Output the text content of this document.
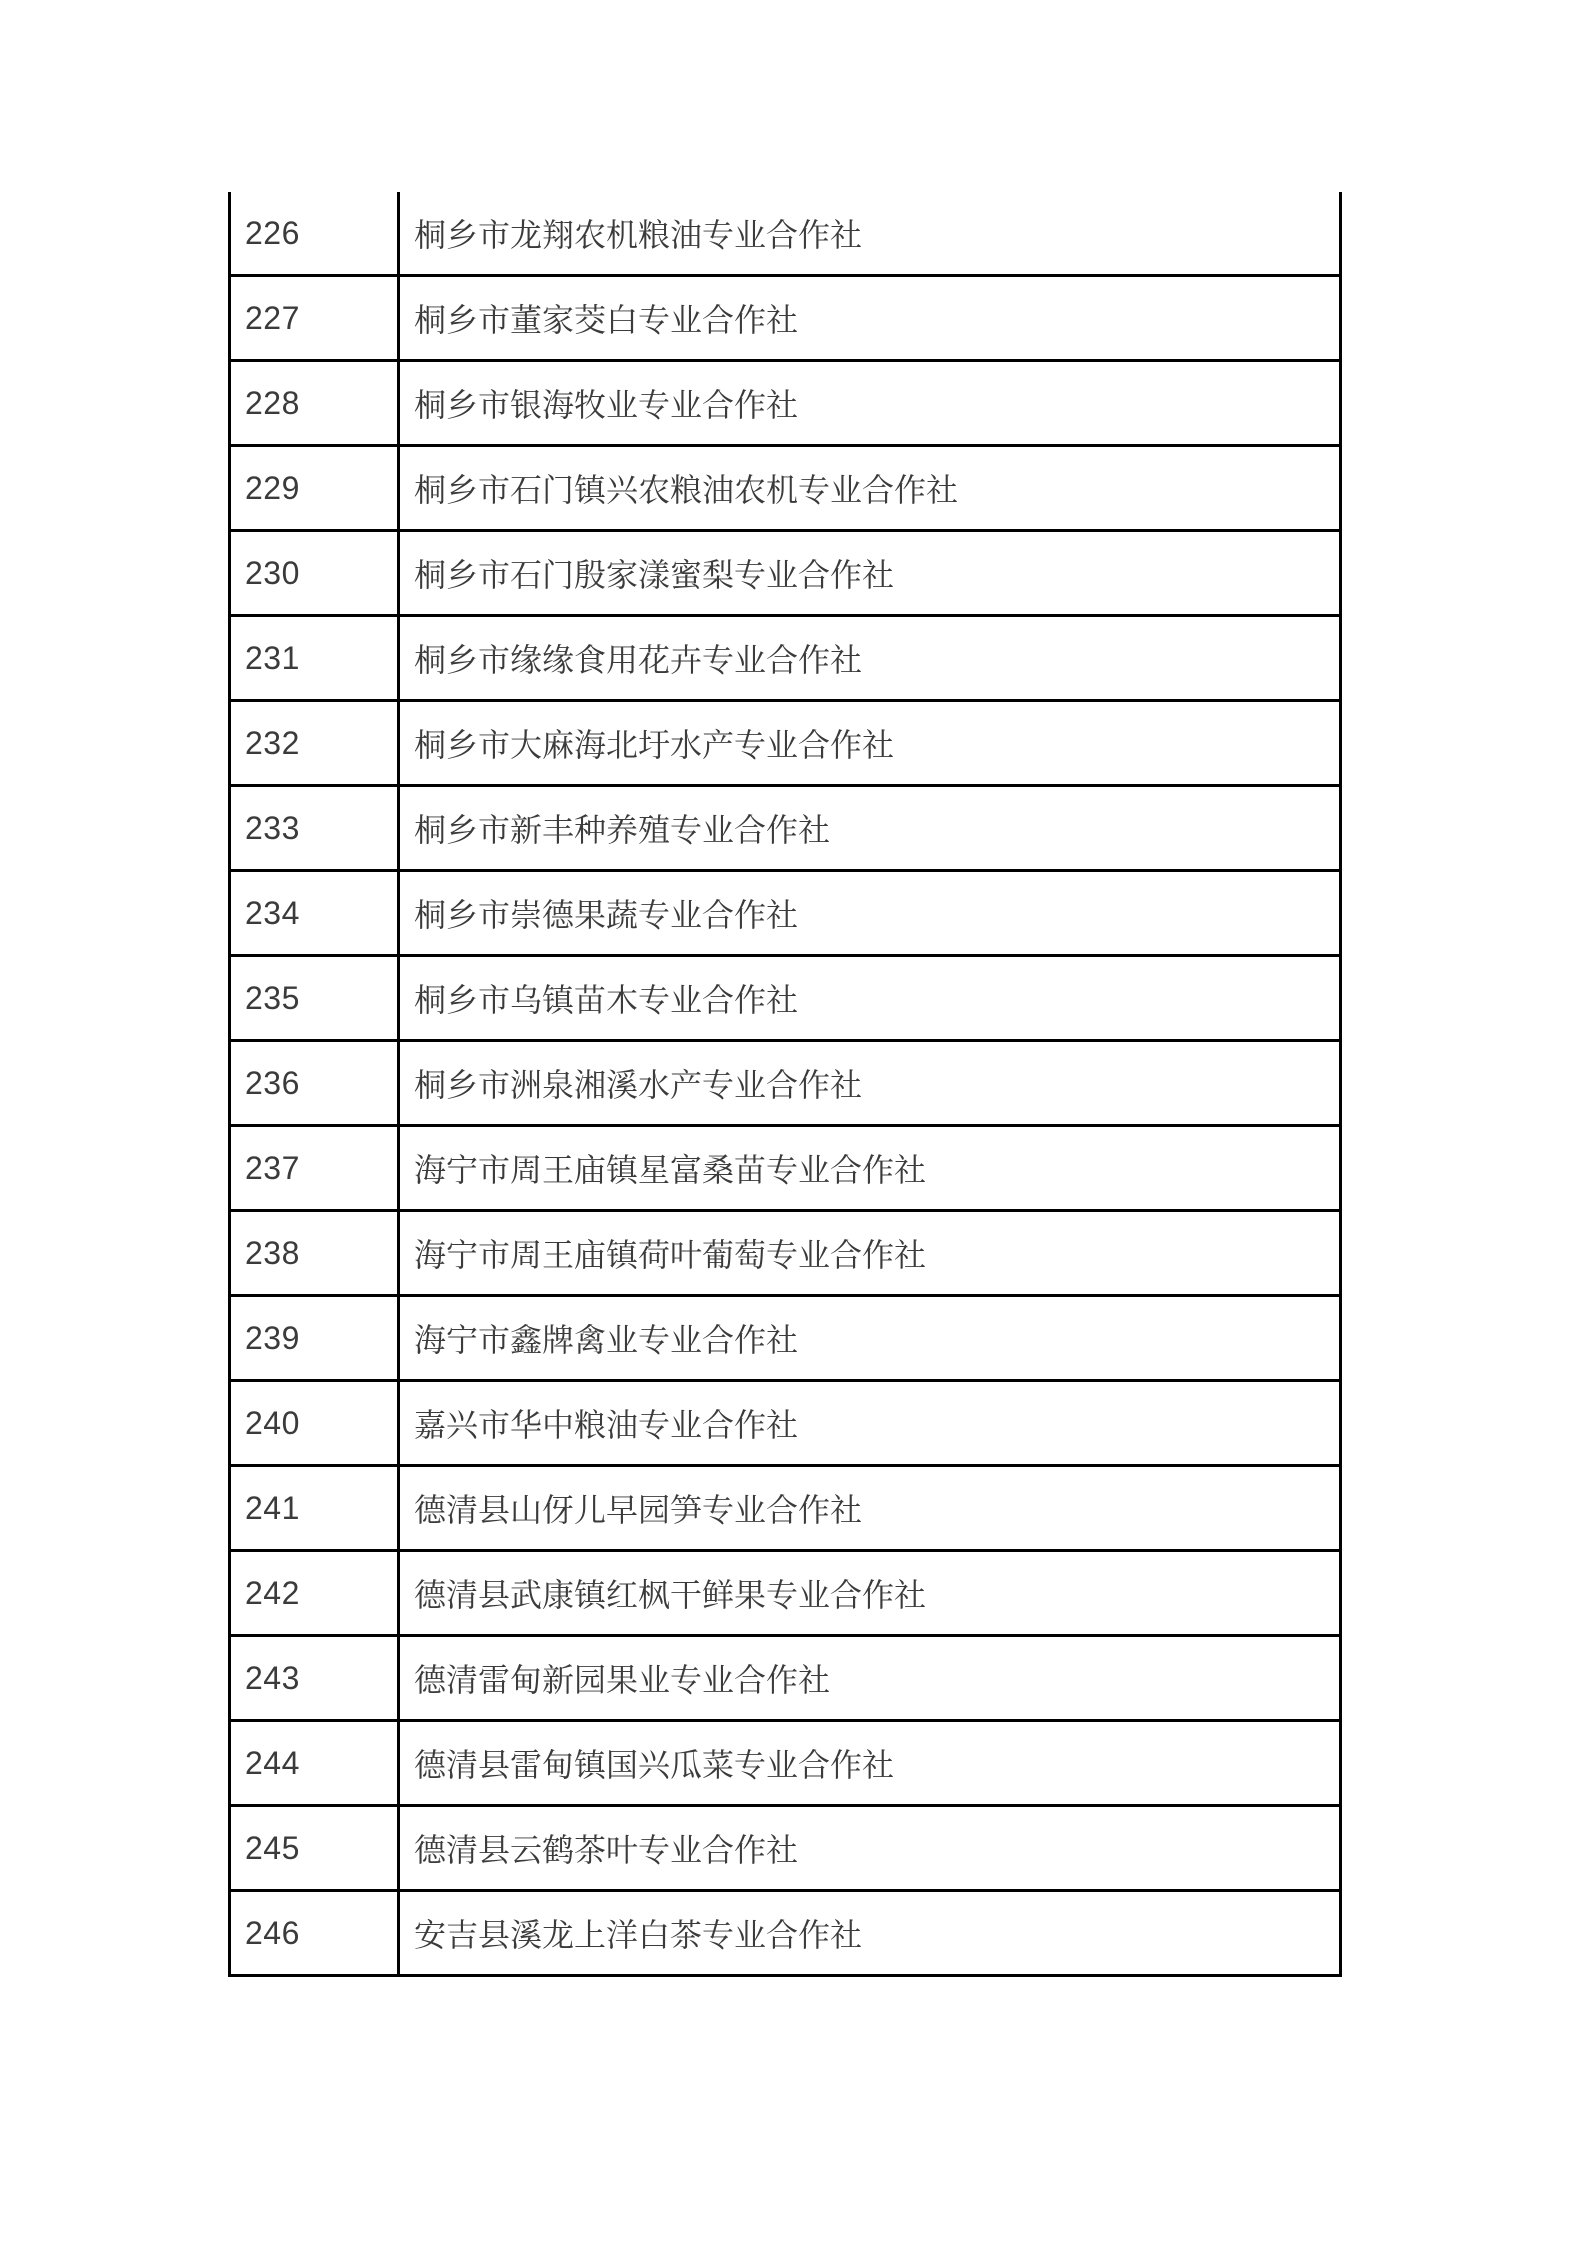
226	桐乡市龙翔农机粮油专业合作社
227	桐乡市董家茭白专业合作社
228	桐乡市银海牧业专业合作社
229	桐乡市石门镇兴农粮油农机专业合作社
230	桐乡市石门殷家漾蜜梨专业合作社
231	桐乡市缘缘食用花卉专业合作社
232	桐乡市大麻海北圩水产专业合作社
233	桐乡市新丰种养殖专业合作社
234	桐乡市崇德果蔬专业合作社
235	桐乡市乌镇苗木专业合作社
236	桐乡市洲泉湘溪水产专业合作社
237	海宁市周王庙镇星富桑苗专业合作社
238	海宁市周王庙镇荷叶葡萄专业合作社
239	海宁市鑫牌禽业专业合作社
240	嘉兴市华中粮油专业合作社
241	德清县山伢儿早园笋专业合作社
242	德清县武康镇红枫干鲜果专业合作社
243	德清雷甸新园果业专业合作社
244	德清县雷甸镇国兴瓜菜专业合作社
245	德清县云鹤茶叶专业合作社
246	安吉县溪龙上洋白茶专业合作社
